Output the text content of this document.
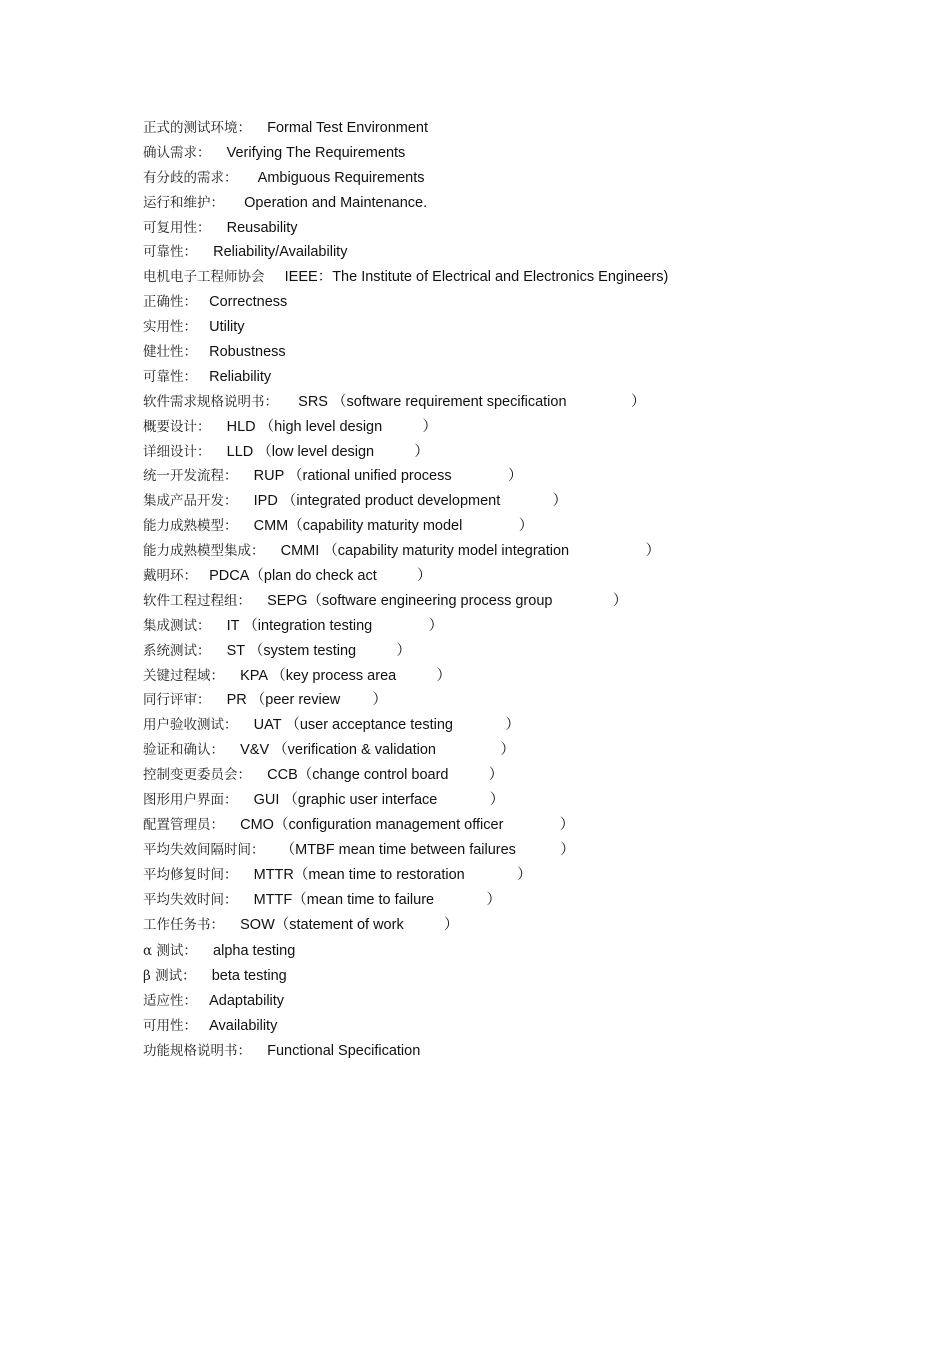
正式的测试环境： Formal Test Environment
确认需求： Verifying The Requirements
有分歧的需求： Ambiguous Requirements
运行和维护： Operation and Maintenance.
可复用性： Reusability
可靠性： Reliability/Availability
电机电子工程师协会 IEEE：The Institute of Electrical and Electronics Engineers)
正确性： Correctness
实用性： Utility
健壮性： Robustness
可靠性： Reliability
软件需求规格说明书： SRS （software requirement specification                ）
概要设计： HLD （high level design          ）
详细设计： LLD （low level design          ）
统一开发流程： RUP （rational unified process              ）
集成产品开发： IPD （integrated product development             ）
能力成熟模型： CMM（capability maturity model              ）
能力成熟模型集成： CMMI （capability maturity model integration                   ）
戴明环： PDCA（plan do check act          ）
软件工程过程组： SEPG（software engineering process group               ）
集成测试： IT （integration testing              ）
系统测试： ST （system testing          ）
关键过程域： KPA （key process area          ）
同行评审： PR （peer review        ）
用户验收测试： UAT （user acceptance testing             ）
验证和确认： V&V （verification & validation                ）
控制变更委员会： CCB（change control board          ）
图形用户界面： GUI （graphic user interface             ）
配置管理员： CMO（configuration management officer              ）
平均失效间隔时间： （MTBF mean time between failures           ）
平均修复时间： MTTR（mean time to restoration             ）
平均失效时间： MTTF（mean time to failure             ）
工作任务书： SOW（statement of work          ）
α 测试： alpha testing
β 测试： beta testing
适应性： Adaptability
可用性： Availability
功能规格说明书： Functional Specification
